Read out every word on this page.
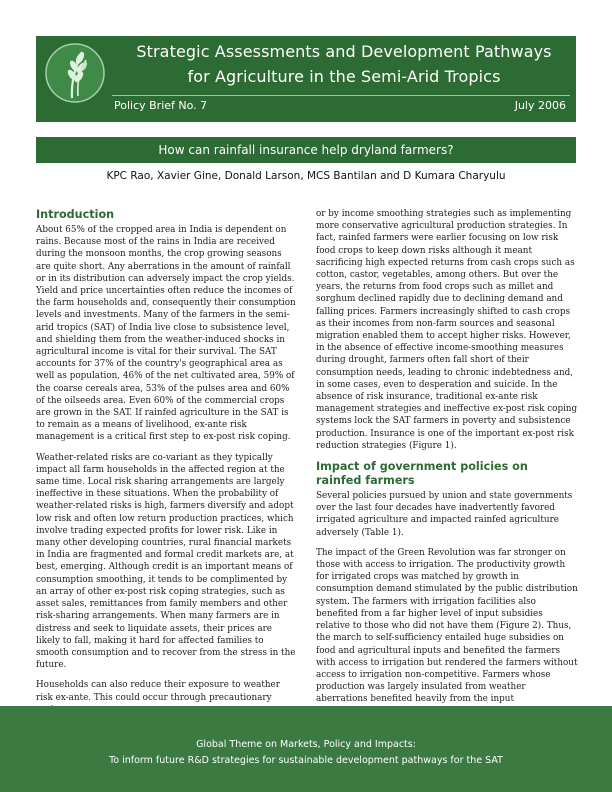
Strategic Assessments and Development Pathways
for Agriculture in the Semi-Arid Tropics
Policy Brief No. 7	July 2006
How can rainfall insurance help dryland farmers?
KPC Rao, Xavier Gine, Donald Larson, MCS Bantilan and D Kumara Charyulu
Introduction

About 65% of the cropped area in India is dependent on rains. Because most of the rains in India are received during the monsoon months, the crop growing seasons are quite short. Any aberrations in the amount of rainfall or in its distribution can adversely impact the crop yields. Yield and price uncertainties often reduce the incomes of the farm households and, consequently their consumption levels and investments. Many of the farmers in the semi-arid tropics (SAT) of India live close to subsistence level, and shielding them from the weather-induced shocks in agricultural income is vital for their survival. The SAT accounts for 37% of the country's geographical area as well as population, 46% of the net cultivated area, 59% of the coarse cereals area, 53% of the pulses area and 60% of the oilseeds area. Even 60% of the commercial crops are grown in the SAT. If rainfed agriculture in the SAT is to remain as a means of livelihood, ex-ante risk management is a critical first step to ex-post risk coping.

Weather-related risks are co-variant as they typically impact all farm households in the affected region at the same time. Local risk sharing arrangements are largely ineffective in these situations. When the probability of weather-related risks is high, farmers diversify and adopt low risk and often low return production practices, which involve trading expected profits for lower risk. Like in many other developing countries, rural financial markets in India are fragmented and formal credit markets are, at best, emerging. Although credit is an important means of consumption smoothing, it tends to be complimented by an array of other ex-post risk coping strategies, such as asset sales, remittances from family members and other risk-sharing arrangements. When many farmers are in distress and seek to liquidate assets, their prices are likely to fall, making it hard for affected families to smooth consumption and to recover from the stress in the future.

Households can also reduce their exposure to weather risk ex-ante. This could occur through precautionary

or by income smoothing strategies such as implementing more conservative agricultural production strategies. In fact, rainfed farmers were earlier focusing on low risk food crops to keep down risks although it meant sacrificing high expected returns from cash crops such as cotton, castor, vegetables, among others. But over the years, the returns from food crops such as millet and sorghum declined rapidly due to declining demand and falling prices. Farmers increasingly shifted to cash crops as their incomes from non-farm sources and seasonal migration enabled them to accept higher risks. However, in the absence of effective income-smoothing measures during drought, farmers often fall short of their consumption needs, leading to chronic indebtedness and, in some cases, even to desperation and suicide. In the absence of risk insurance, traditional ex-ante risk management strategies and ineffective ex-post risk coping systems lock the SAT farmers in poverty and subsistence production. Insurance is one of the important ex-post risk reduction strategies (Figure 1).

Impact of government policies on
rainfed farmers

Several policies pursued by union and state governments over the last four decades have inadvertently favored irrigated agriculture and impacted rainfed agriculture adversely (Table 1).

The impact of the Green Revolution was far stronger on those with access to irrigation. The productivity growth for irrigated crops was matched by growth in consumption demand stimulated by the public distribution system. The farmers with irrigation facilities also benefited from a far higher level of input subsidies relative to those who did not have them (Figure 2). Thus, the march to self-sufficiency entailed huge subsidies on food and agricultural inputs and benefited the farmers with access to irrigation but rendered the farmers without access to irrigation non-competitive. Farmers whose production was largely insulated from weather aberrations benefited heavily from the input

Global Theme on Markets, Policy and Impacts:
To inform future R&D strategies for sustainable development pathways for the SAT
